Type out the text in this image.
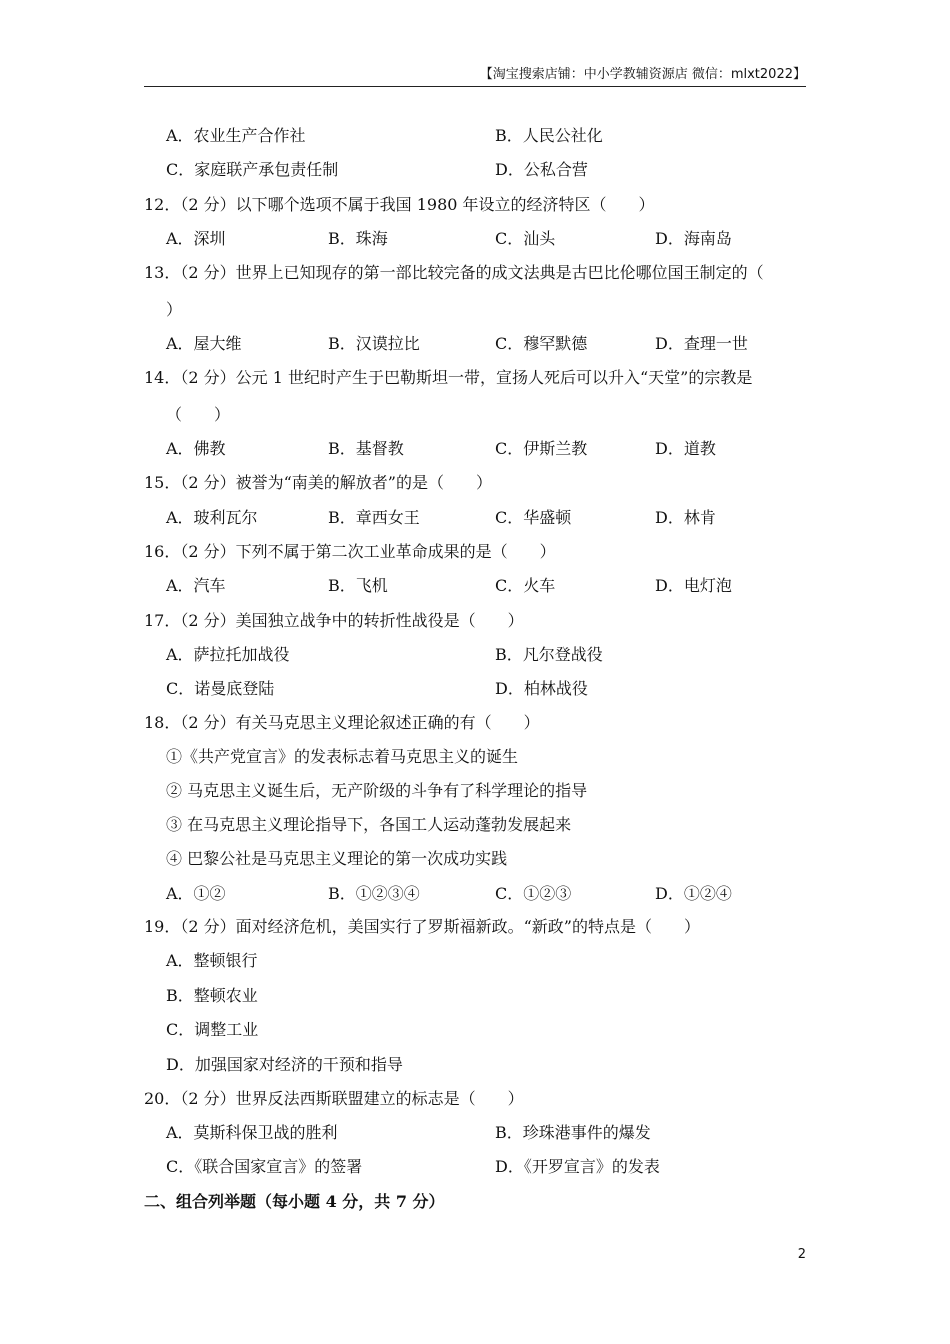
【淘宝搜索店铺：中小学教辅资源店 微信：mlxt2022】
A．农业生产合作社	B．人民公社化
C．家庭联产承包责任制	D．公私合营
12．（2 分）以下哪个选项不属于我国 1980 年设立的经济特区（　　）
A．深圳	B．珠海	C．汕头	D．海南岛
13．（2 分）世界上已知现存的第一部比较完备的成文法典是古巴比伦哪位国王制定的（
）
A．屋大维	B．汉谟拉比	C．穆罕默德	D．查理一世
14．（2 分）公元 1 世纪时产生于巴勒斯坦一带，宣扬人死后可以升入“天堂”的宗教是
（　　）
A．佛教	B．基督教	C．伊斯兰教	D．道教
15．（2 分）被誉为“南美的解放者”的是（　　）
A．玻利瓦尔	B．章西女王	C．华盛顿	D．林肯
16．（2 分）下列不属于第二次工业革命成果的是（　　）
A．汽车	B．飞机	C．火车	D．电灯泡
17．（2 分）美国独立战争中的转折性战役是（　　）
A．萨拉托加战役	B．凡尔登战役
C．诺曼底登陆	D．柏林战役
18．（2 分）有关马克思主义理论叙述正确的有（　　）
①《共产党宣言》的发表标志着马克思主义的诞生
② 马克思主义诞生后，无产阶级的斗争有了科学理论的指导
③ 在马克思主义理论指导下，各国工人运动蓬勃发展起来
④ 巴黎公社是马克思主义理论的第一次成功实践
A．①②	B．①②③④	C．①②③	D．①②④
19．（2 分）面对经济危机，美国实行了罗斯福新政。“新政”的特点是（　　）
A．整顿银行
B．整顿农业
C．调整工业
D．加强国家对经济的干预和指导
20．（2 分）世界反法西斯联盟建立的标志是（　　）
A．莫斯科保卫战的胜利	B．珍珠港事件的爆发
C．《联合国家宣言》的签署	D．《开罗宣言》的发表
二、组合列举题（每小题 4 分，共 7 分）
2
